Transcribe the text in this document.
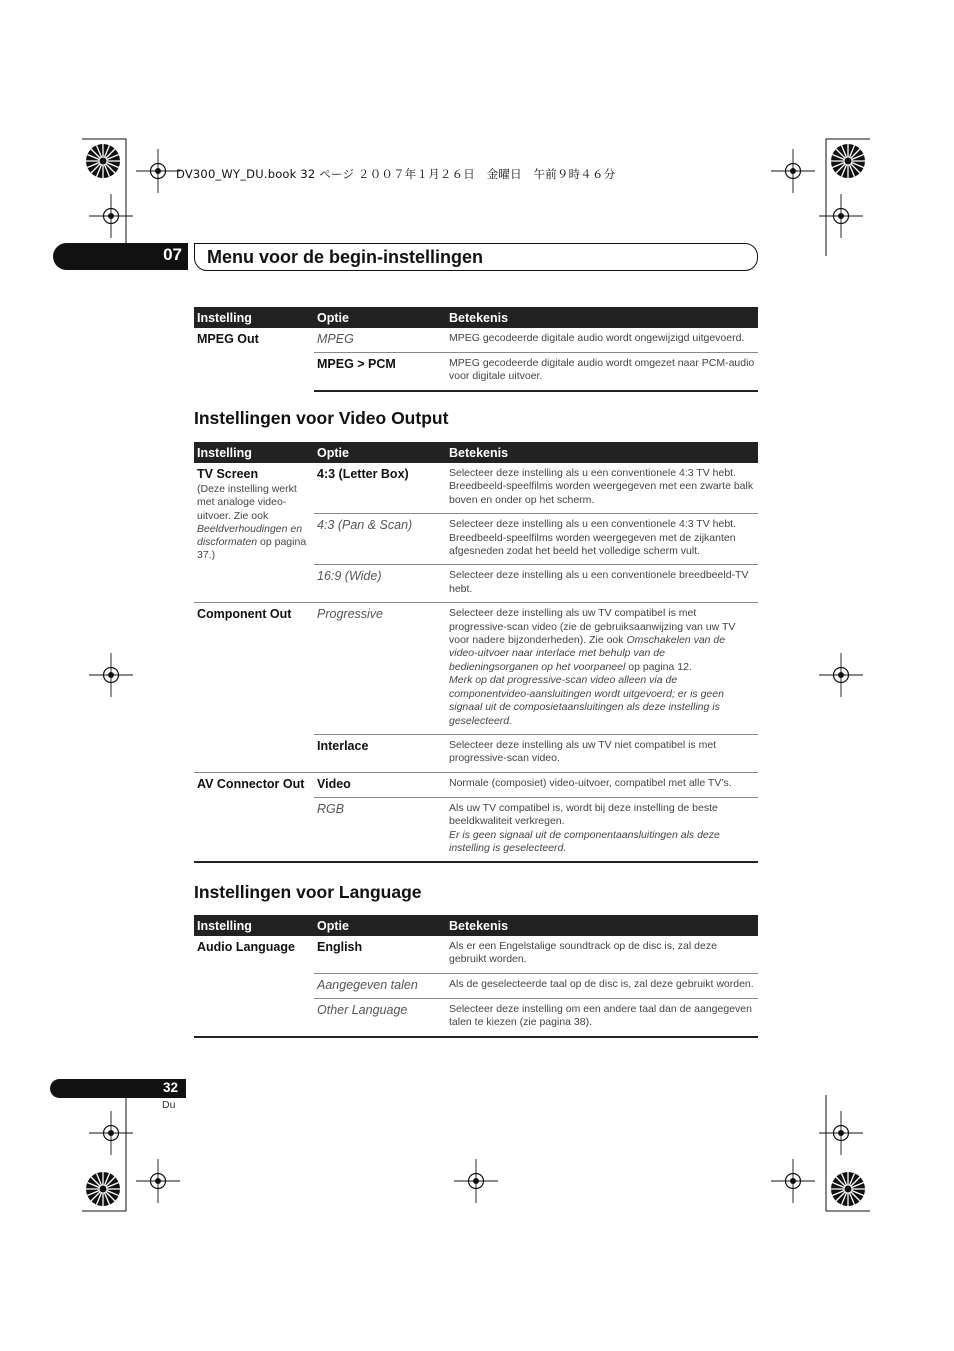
DV300_WY_DU.book 32 ページ ２００７年１月２６日　金曜日　午前９時４６分
07 Menu voor de begin-instellingen
Instelling	Optie	Betekenis

MPEG Out	MPEG	MPEG gecodeerde digitale audio wordt ongewijzigd uitgevoerd.
	MPEG > PCM	MPEG gecodeerde digitale audio wordt omgezet naar PCM-audio voor digitale uitvoer.
Instellingen voor Video Output
Instelling	Optie	Betekenis

TV Screen
(Deze instelling werkt met analoge video-uitvoer. Zie ook Beeldverhoudingen en discformaten op pagina 37.)	4:3 (Letter Box)	Selecteer deze instelling als u een conventionele 4:3 TV hebt. Breedbeeld-speelfilms worden weergegeven met een zwarte balk boven en onder op het scherm.
	4:3 (Pan & Scan)	Selecteer deze instelling als u een conventionele 4:3 TV hebt. Breedbeeld-speelfilms worden weergegeven met de zijkanten afgesneden zodat het beeld het volledige scherm vult.
	16:9 (Wide)	Selecteer deze instelling als u een conventionele breedbeeld-TV hebt.

Component Out	Progressive	Selecteer deze instelling als uw TV compatibel is met progressive-scan video (zie de gebruiksaanwijzing van uw TV voor nadere bijzonderheden). Zie ook Omschakelen van de video-uitvoer naar interlace met behulp van de bedieningsorganen op het voorpaneel op pagina 12.
Merk op dat progressive-scan video alleen via de componentvideo-aansluitingen wordt uitgevoerd; er is geen signaal uit de composietaansluitingen als deze instelling is geselecteerd.
	Interlace	Selecteer deze instelling als uw TV niet compatibel is met progressive-scan video.

AV Connector Out	Video	Normale (composiet) video-uitvoer, compatibel met alle TV’s.
	RGB	Als uw TV compatibel is, wordt bij deze instelling de beste beeldkwaliteit verkregen.
Er is geen signaal uit de componentaansluitingen als deze instelling is geselecteerd.
Instellingen voor Language
Instelling	Optie	Betekenis

Audio Language	English	Als er een Engelstalige soundtrack op de disc is, zal deze gebruikt worden.
	Aangegeven talen	Als de geselecteerde taal op de disc is, zal deze gebruikt worden.
	Other Language	Selecteer deze instelling om een andere taal dan de aangegeven talen te kiezen (zie pagina 38).
32
Du
